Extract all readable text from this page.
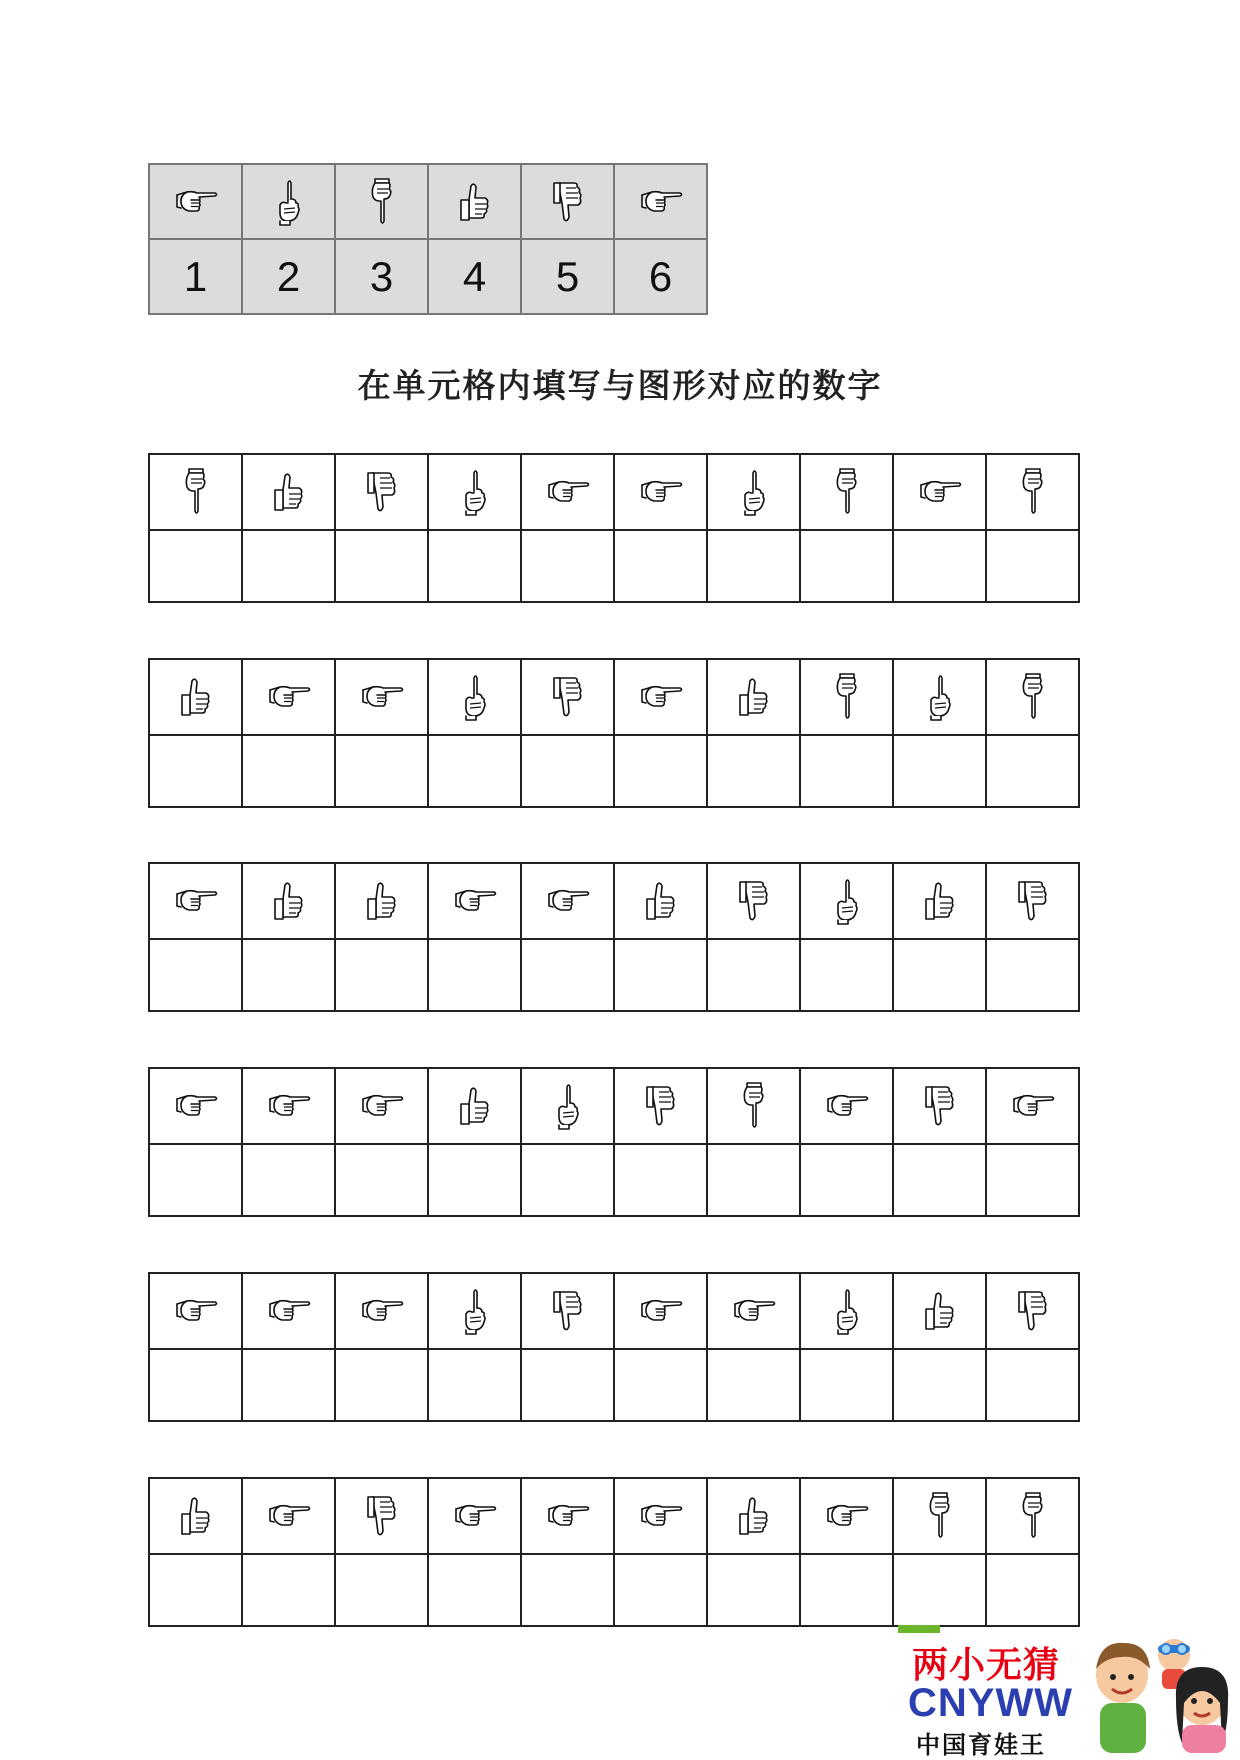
1	2	3	4	5	6
在单元格内填写与图形对应的数字

两小无猜
CNYWW
中国育娃王
